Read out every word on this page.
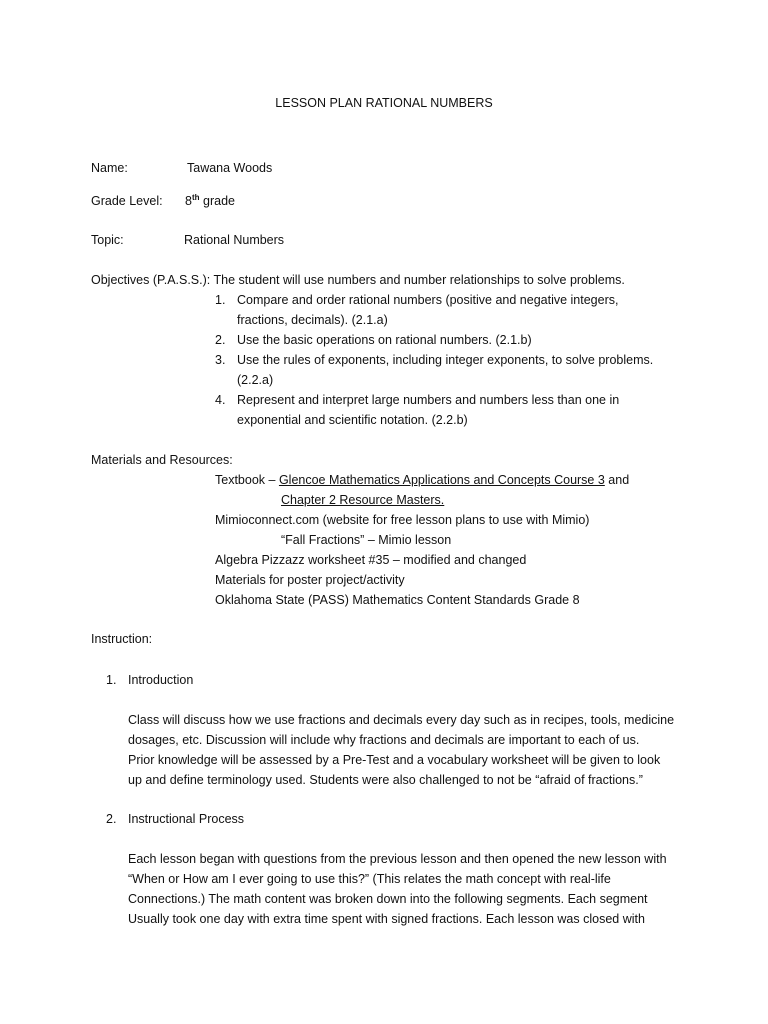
LESSON PLAN RATIONAL NUMBERS
Name:	Tawana Woods
Grade Level: 8th grade
Topic:	Rational Numbers
Objectives (P.A.S.S.): The student will use numbers and number relationships to solve problems.
1. Compare and order rational numbers (positive and negative integers,
fractions, decimals). (2.1.a)
2. Use the basic operations on rational numbers. (2.1.b)
3. Use the rules of exponents, including integer exponents, to solve problems.
(2.2.a)
4. Represent and interpret large numbers and numbers less than one in
exponential and scientific notation. (2.2.b)
Materials and Resources:
Textbook – Glencoe Mathematics Applications and Concepts Course 3 and
Chapter 2 Resource Masters.
Mimioconnect.com (website for free lesson plans to use with Mimio)
“Fall Fractions” – Mimio lesson
Algebra Pizzazz worksheet #35 – modified and changed
Materials for poster project/activity
Oklahoma State (PASS) Mathematics Content Standards Grade 8
Instruction:
1. Introduction
Class will discuss how we use fractions and decimals every day such as in recipes, tools, medicine
dosages, etc. Discussion will include why fractions and decimals are important to each of us.
Prior knowledge will be assessed by a Pre-Test and a vocabulary worksheet will be given to look
up and define terminology used. Students were also challenged to not be “afraid of fractions.”
2. Instructional Process
Each lesson began with questions from the previous lesson and then opened the new lesson with
“When or How am I ever going to use this?” (This relates the math concept with real-life
Connections.) The math content was broken down into the following segments. Each segment
Usually took one day with extra time spent with signed fractions. Each lesson was closed with
